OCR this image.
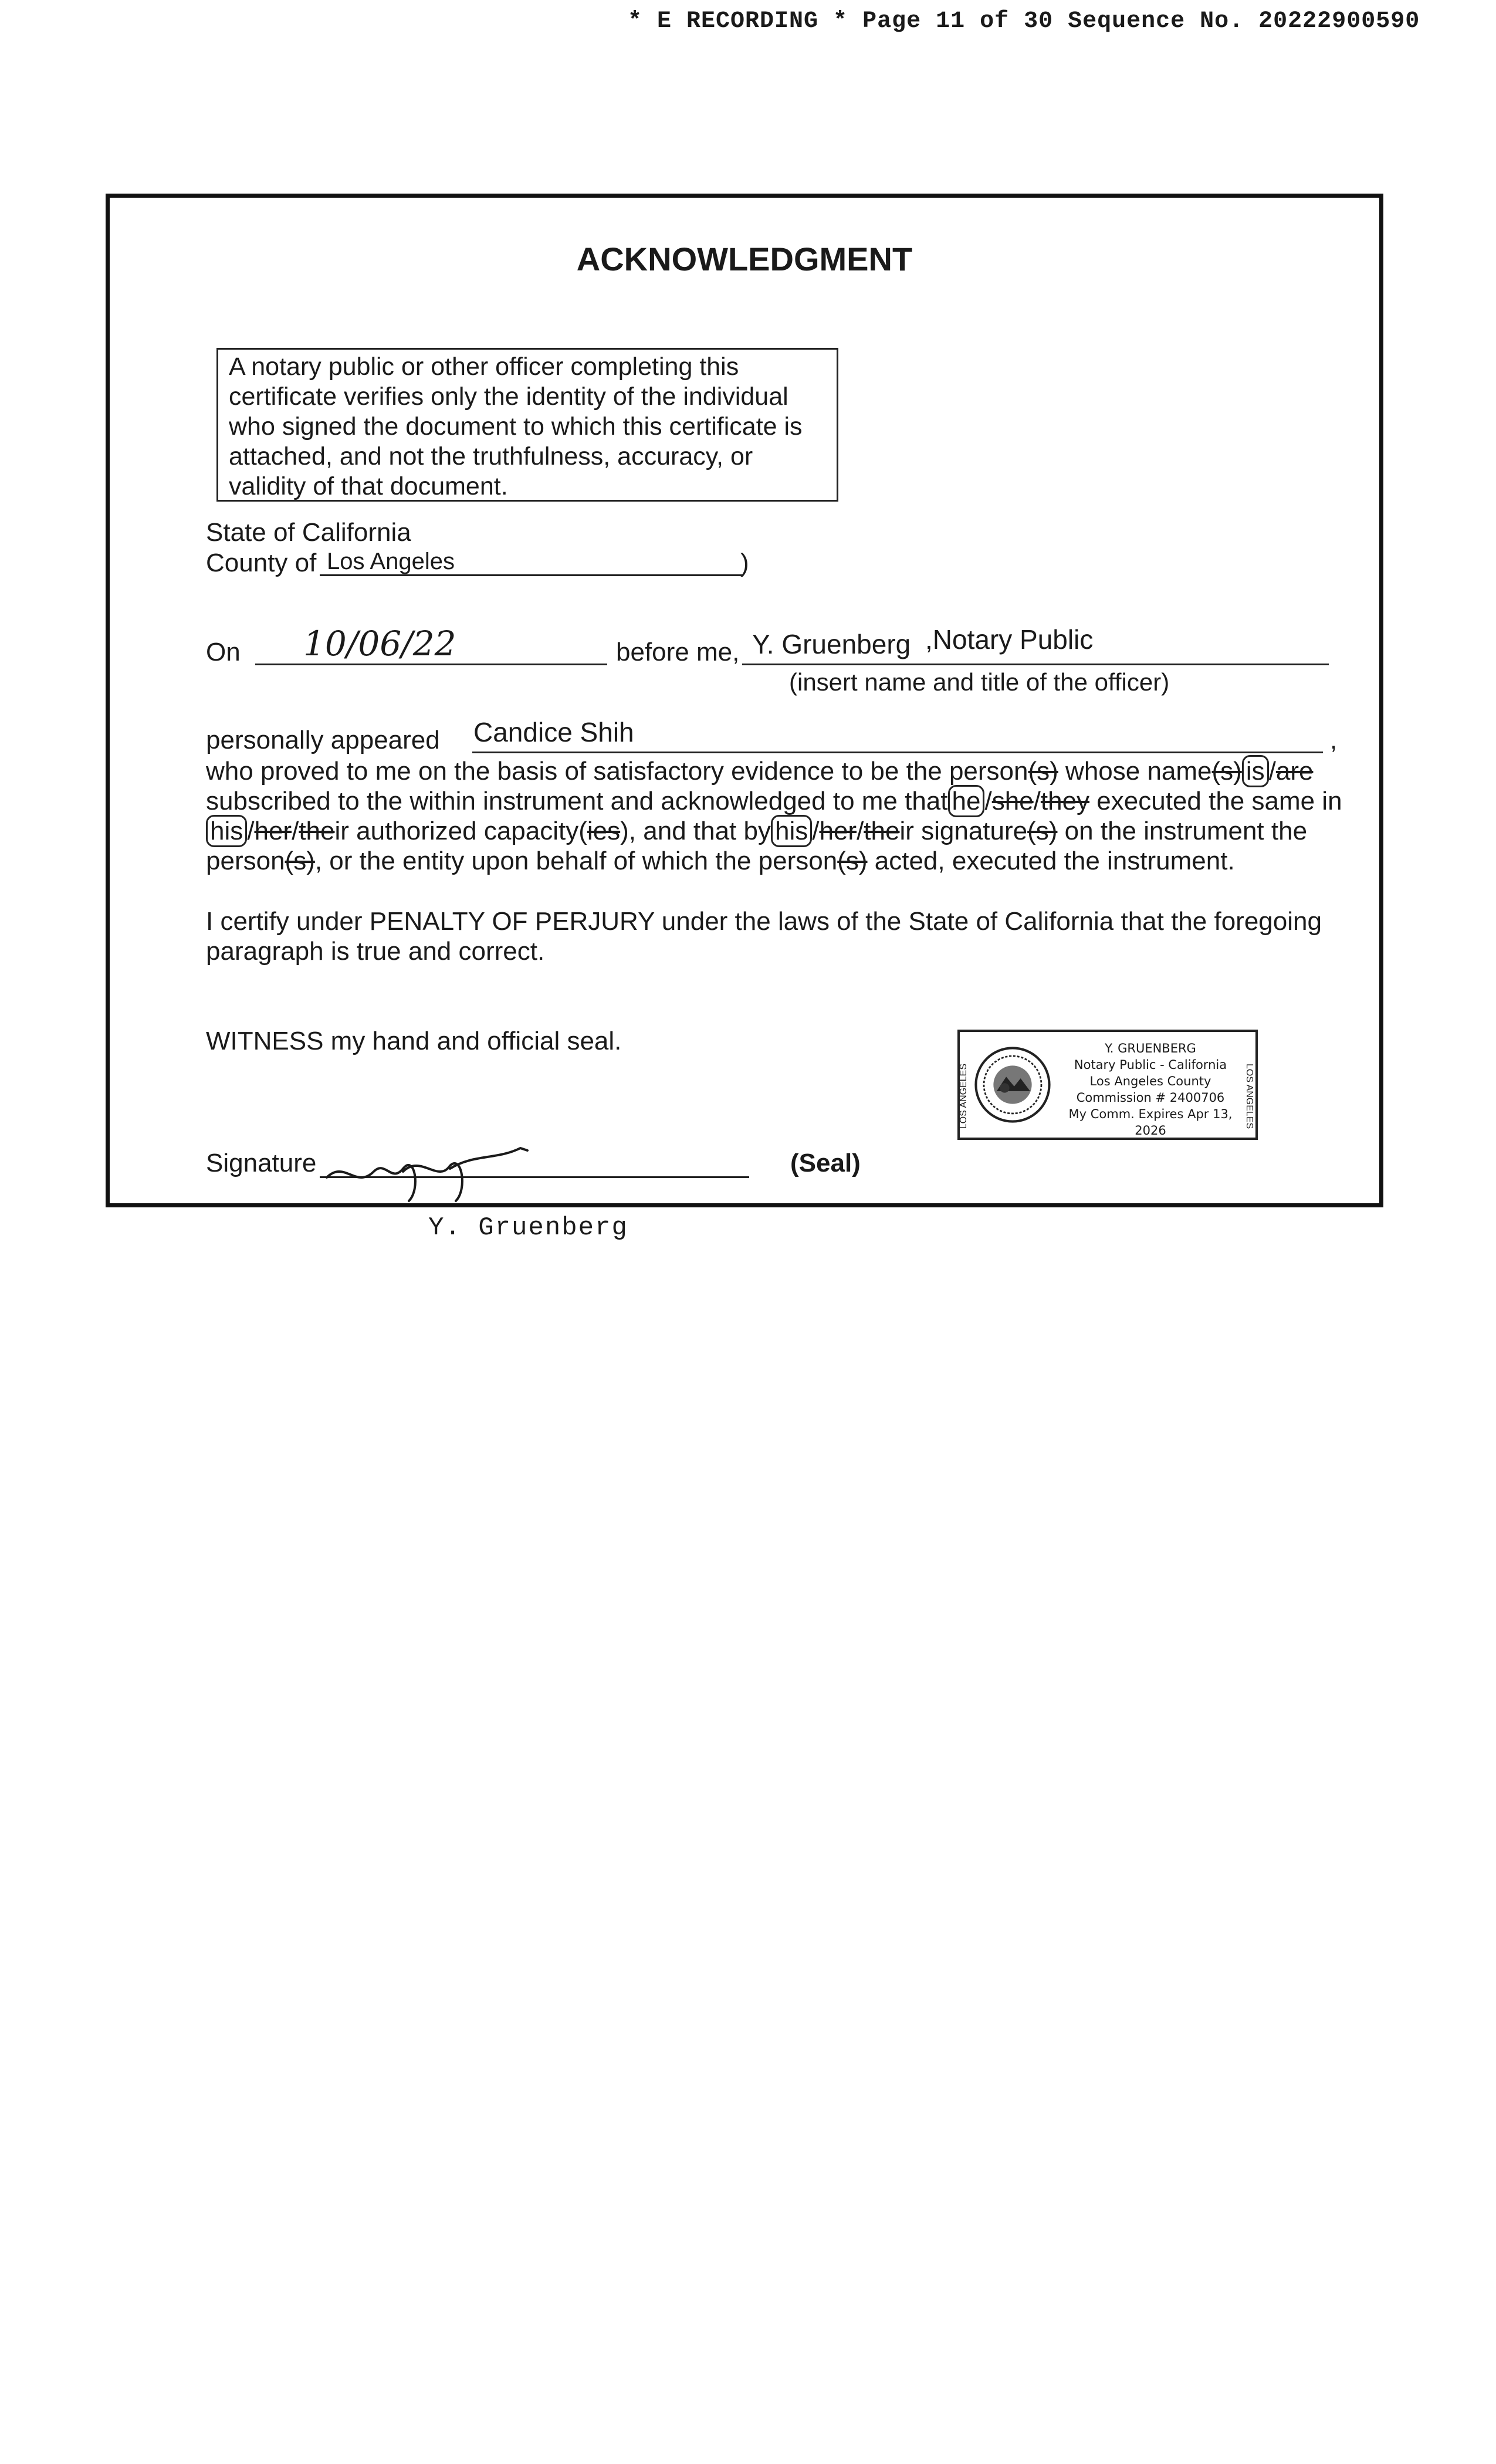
* E RECORDING * Page 11 of 30 Sequence No. 20222900590
ACKNOWLEDGMENT
A notary public or other officer completing this
certificate verifies only the identity of the individual
who signed the document to which this certificate is
attached, and not the truthfulness, accuracy, or
validity of that document.
State of California
County of Los Angeles	)
On 10/06/22	before me, Y. Gruenberg ,Notary Public
(insert name and title of the officer)
personally appeared Candice Shih	,
who proved to me on the basis of satisfactory evidence to be the person(s) whose name(s) is /are
subscribed to the within instrument and acknowledged to me that he /she/they executed the same in
his /her/their authorized capacity(ies), and that by his /her/their signature(s) on the instrument the
person(s), or the entity upon behalf of which the person(s) acted, executed the instrument.
I certify under PENALTY OF PERJURY under the laws of the State of California that the foregoing
paragraph is true and correct.
WITNESS my hand and official seal.
LOS ANGELES	LOS ANGELES
Y. GRUENBERG
Notary Public - California
Los Angeles County
Commission # 2400706
My Comm. Expires Apr 13, 2026
Signature	(Seal)
Y. Gruenberg
